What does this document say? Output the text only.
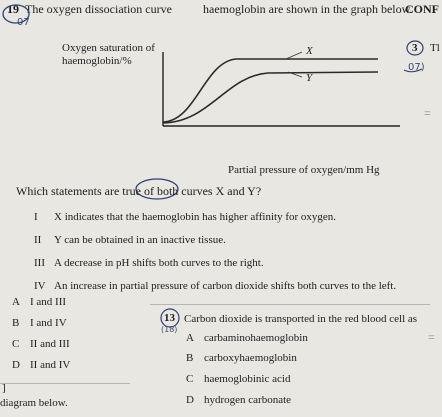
19 The oxygen dissociation curve	haemoglobin are shown in the graph below.
07
CONF
3 Tl
07)
=
=
Oxygen saturation of
haemoglobin/%
X
Y
Partial pressure of oxygen/mm Hg
Which statements are true of both curves X and Y?
I X indicates that the haemoglobin has higher affinity for oxygen.
II Y can be obtained in an inactive tissue.
III A decrease in pH shifts both curves to the right.
IV An increase in partial pressure of carbon dioxide shifts both curves to the left.
A I and III
B I and IV
C II and III
D II and IV
13
(18)
Carbon dioxide is transported in the red blood cell as
A carbaminohaemoglobin
B carboxyhaemoglobin
C haemoglobinic acid
D hydrogen carbonate
]
diagram below.
